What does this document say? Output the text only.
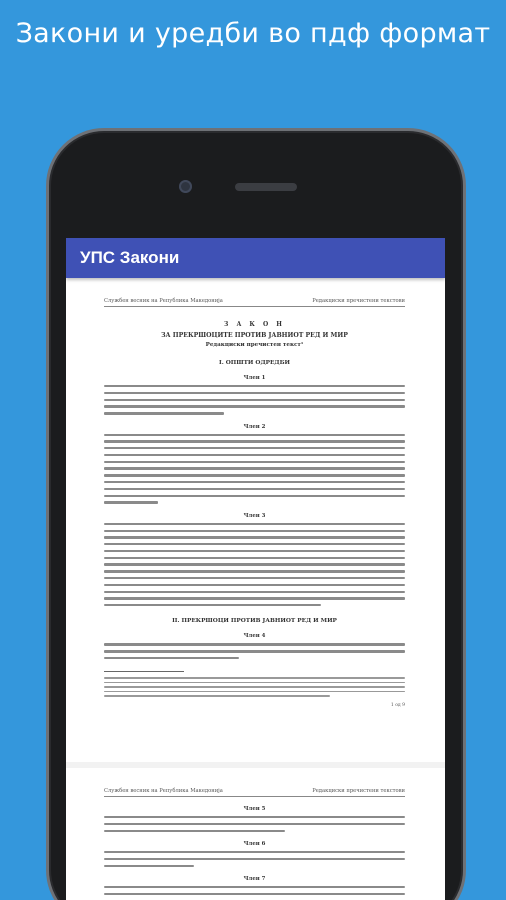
Закони и уредби во пдф формат
УПС Закони
Службен весник на Република Македонија	Редакциски пречистени текстови
З А К О Н
ЗА ПРЕКРШОЦИТЕ ПРОТИВ ЈАВНИОТ РЕД И МИР
Редакциски пречистен текст¹
I. ОПШТИ ОДРЕДБИ
Член 1
Член 2
Член 3
II. ПРЕКРШОЦИ ПРОТИВ ЈАВНИОТ РЕД И МИР
Член 4
1 од 9
Службен весник на Република Македонија	Редакциски пречистени текстови
Член 5
Член 6
Член 7
